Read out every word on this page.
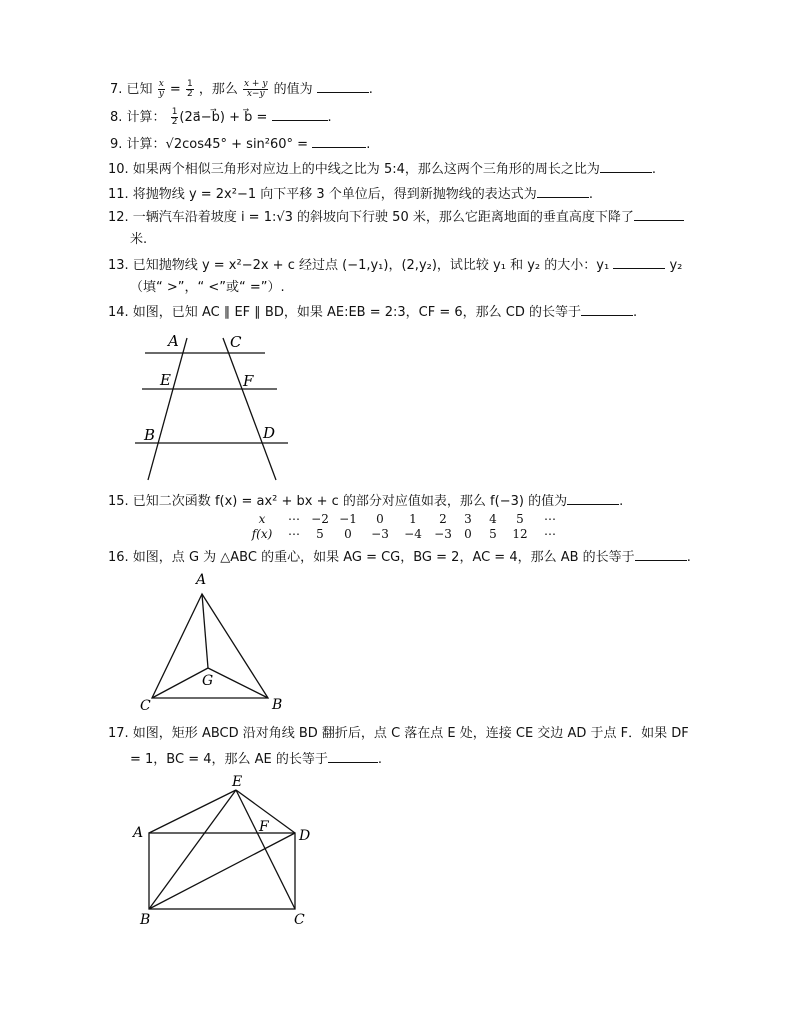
7. 已知 $\frac{x}{y} = \frac{1}{2}$ ，那么 $\frac{x + y}{x-y}$ 的值为	.
8. 计算： $\frac{1}{2}$ (2a⃗−b⃗) + b⃗ =	.
9. 计算：√2cos45° + sin²60° =	.
10. 如果两个相似三角形对应边上的中线之比为 5:4，那么这两个三角形的周长之比为	.
11. 将抛物线 y = 2x²−1 向下平移 3 个单位后，得到新抛物线的表达式为	.
12. 一辆汽车沿着坡度 i = 1:√3 的斜坡向下行驶 50 米，那么它距离地面的垂直高度下降了
米.
13. 已知抛物线 y = x²−2x + c 经过点 (−1,y₁)，(2,y₂)，试比较 y₁ 和 y₂ 的大小：y₁	y₂
（填“ >”，“ <”或“ =”）.
14. 如图，已知 AC ∥ EF ∥ BD，如果 AE:EB = 2:3，CF = 6，那么 CD 的长等于	.
A	C
E	F
B	D
15. 已知二次函数 f(x) = ax² + bx + c 的部分对应值如表，那么 f(−3) 的值为	.
x ⋯ −2 −1 0 1 2 3 4 5 ⋯
f(x) ⋯ 5 0 −3 −4 −3 0 5 12 ⋯
16. 如图，点 G 为 △ABC 的重心，如果 AG = CG，BG = 2，AC = 4，那么 AB 的长等于	.
A
C	B
G
17. 如图，矩形 ABCD 沿对角线 BD 翻折后，点 C 落在点 E 处，连接 CE 交边 AD 于点 F．如果 DF
= 1，BC = 4，那么 AE 的长等于	.
E
A	F
D
B	C
